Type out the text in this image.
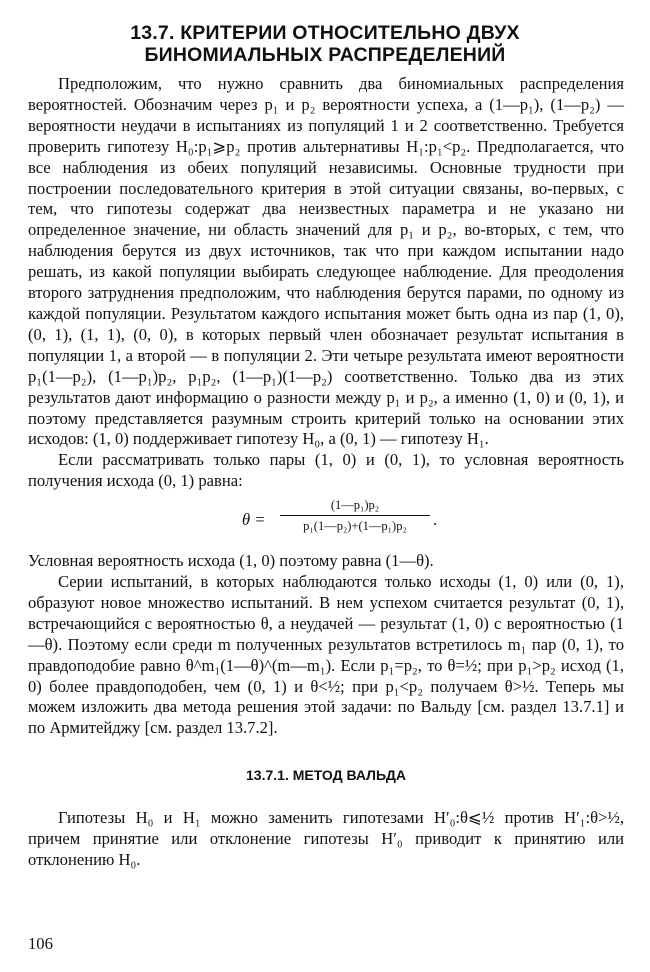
13.7. КРИТЕРИИ ОТНОСИТЕЛЬНО ДВУХ
БИНОМИАЛЬНЫХ РАСПРЕДЕЛЕНИЙ

Предположим, что нужно сравнить два биномиальных распределения вероятностей. Обозначим через p₁ и p₂ вероятности успеха, а (1—p₁), (1—p₂) — вероятности неудачи в испытаниях из популяций 1 и 2 соответственно. Требуется проверить гипотезу H₀:p₁⩾p₂ против альтернативы H₁:p₁<p₂. Предполагается, что все наблюдения из обеих популяций независимы. Основные трудности при построении последовательного критерия в этой ситуации связаны, во-первых, с тем, что гипотезы содержат два неизвестных параметра и не указано ни определенное значение, ни область значений для p₁ и p₂, во-вторых, с тем, что наблюдения берутся из двух источников, так что при каждом испытании надо решать, из какой популяции выбирать следующее наблюдение. Для преодоления второго затруднения предположим, что наблюдения берутся парами, по одному из каждой популяции. Результатом каждого испытания может быть одна из пар (1, 0), (0, 1), (1, 1), (0, 0), в которых первый член обозначает результат испытания в популяции 1, а второй — в популяции 2. Эти четыре результата имеют вероятности p₁(1—p₂), (1—p₁)p₂, p₁p₂, (1—p₁)(1—p₂) соответственно. Только два из этих результатов дают информацию о разности между p₁ и p₂, а именно (1, 0) и (0, 1), и поэтому представляется разумным строить критерий только на основании этих исходов: (1, 0) поддерживает гипотезу H₀, а (0, 1) — гипотезу H₁.

Если рассматривать только пары (1, 0) и (0, 1), то условная вероятность получения исхода (0, 1) равна:

$\theta = \frac{\text{(1—p₁)p₂}}{\text{p₁(1—p₂)+(1—p₁)p₂}}$ .

Условная вероятность исхода (1, 0) поэтому равна (1—θ).

Серии испытаний, в которых наблюдаются только исходы (1, 0) или (0, 1), образуют новое множество испытаний. В нем успехом считается результат (0, 1), встречающийся с вероятностью θ, а неудачей — результат (1, 0) с вероятностью (1—θ). Поэтому если среди m полученных результатов встретилось m₁ пар (0, 1), то правдоподобие равно θ^m₁(1—θ)^(m—m₁). Если p₁=p₂, то θ=½; при p₁>p₂ исход (1, 0) более правдоподобен, чем (0, 1) и θ<½; при p₁<p₂ получаем θ>½. Теперь мы можем изложить два метода решения этой задачи: по Вальду [см. раздел 13.7.1] и по Армитейджу [см. раздел 13.7.2].

13.7.1. МЕТОД ВАЛЬДА

Гипотезы H₀ и H₁ можно заменить гипотезами H′₀:θ⩽½ против H′₁:θ>½, причем принятие или отклонение гипотезы H′₀ приводит к принятию или отклонению H₀.

106
